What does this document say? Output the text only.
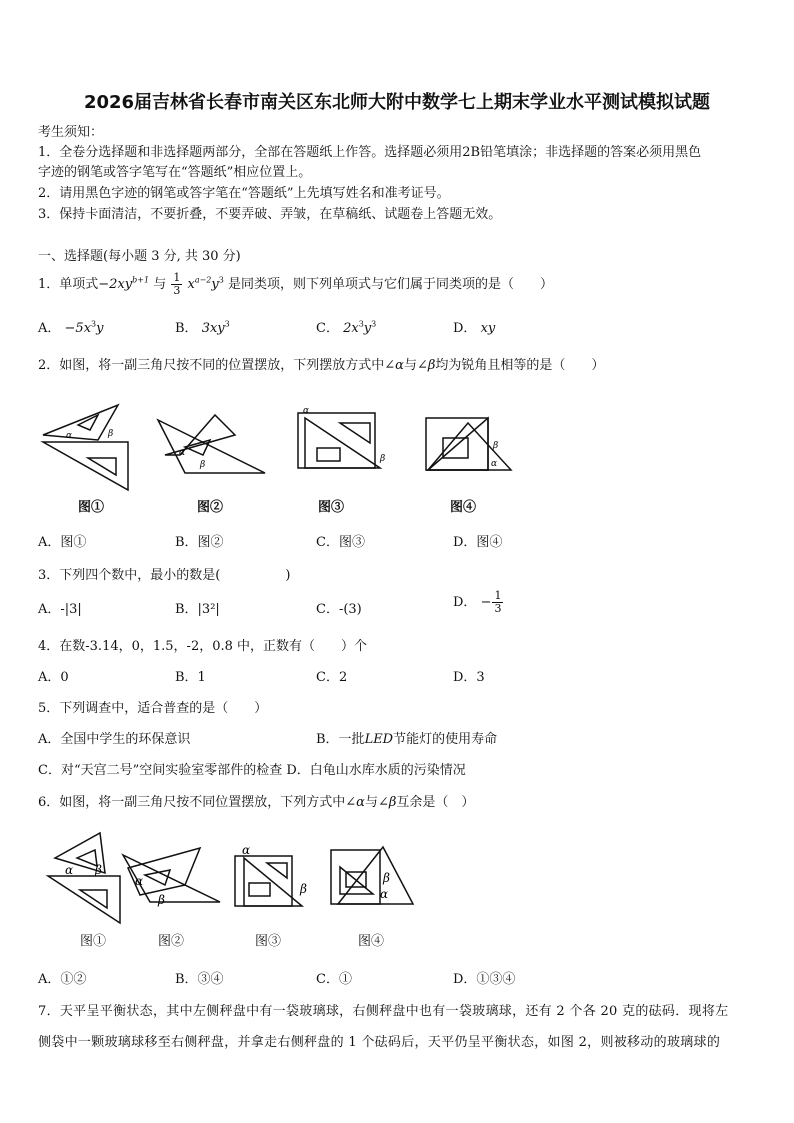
2026届吉林省长春市南关区东北师大附中数学七上期末学业水平测试模拟试题
考生须知：
1．全卷分选择题和非选择题两部分，全部在答题纸上作答。选择题必须用2B铅笔填涂；非选择题的答案必须用黑色
字迹的钢笔或答字笔写在“答题纸”相应位置上。
2．请用黑色字迹的钢笔或答字笔在“答题纸”上先填写姓名和准考证号。
3．保持卡面清洁，不要折叠，不要弄破、弄皱，在草稿纸、试题卷上答题无效。
一、选择题(每小题 3 分, 共 30 分)
1．单项式$-2xy^{b+1}$ 与 $\frac{1}{3} x^{a-2}y^3$ 是同类项，则下列单项式与它们属于同类项的是（　　）
A． $-5x^3y$	B． $3xy^3$	C． $2x^3y^3$	D． xy
2．如图，将一副三角尺按不同的位置摆放，下列摆放方式中∠α与∠β均为锐角且相等的是（　　）
α	β
α
β
α
β
β
α
图①	图②	图③	图④
A．图①	B．图②	C．图③	D．图④
3．下列四个数中，最小的数是(　　　　　)
A．-|3|	B．|3²|	C．-(3)	D． − $\frac{1}{3}$
4．在数-3.14，0，1.5，-2，0.8 中，正数有（　　）个
A．0	B．1	C．2	D．3
5．下列调查中，适合普查的是（　　）
A．全国中学生的环保意识	B．一批LED节能灯的使用寿命
C．对“天宫二号”空间实验室零部件的检查 D．白龟山水库水质的污染情况
6．如图，将一副三角尺按不同位置摆放，下列方式中∠α与∠β互余是（　）
α β
α
β
α
β
β
α
图①	图②	图③	图④
A．①②	B．③④	C．①	D．①③④
7．天平呈平衡状态，其中左侧秤盘中有一袋玻璃球，右侧秤盘中也有一袋玻璃球，还有 2 个各 20 克的砝码．现将左
侧袋中一颗玻璃球移至右侧秤盘，并拿走右侧秤盘的 1 个砝码后，天平仍呈平衡状态，如图 2，则被移动的玻璃球的
